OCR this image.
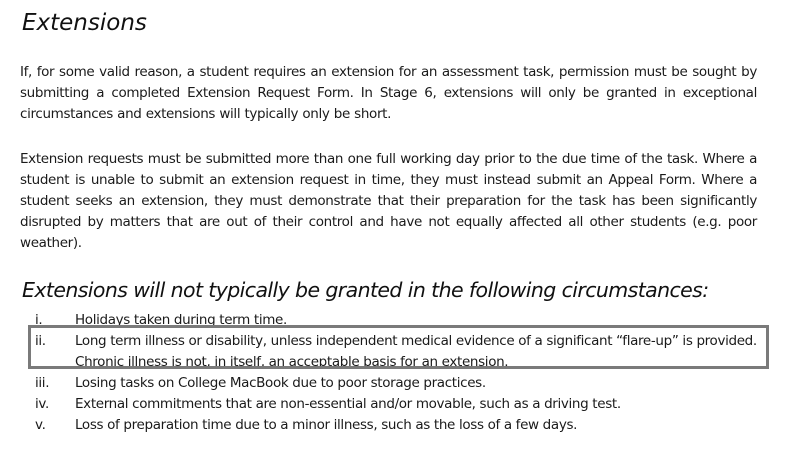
Extensions

If, for some valid reason, a student requires an extension for an assessment task, permission must be sought by submitting a completed Extension Request Form. In Stage 6, extensions will only be granted in exceptional circumstances and extensions will typically only be short.

Extension requests must be submitted more than one full working day prior to the due time of the task. Where a student is unable to submit an extension request in time, they must instead submit an Appeal Form. Where a student seeks an extension, they must demonstrate that their preparation for the task has been significantly disrupted by matters that are out of their control and have not equally affected all other students (e.g. poor weather).

Extensions will not typically be granted in the following circumstances:
i.	Holidays taken during term time.
ii.	Long term illness or disability, unless independent medical evidence of a significant “flare-up” is provided. Chronic illness is not, in itself, an acceptable basis for an extension.
iii.	Losing tasks on College MacBook due to poor storage practices.
iv.	External commitments that are non-essential and/or movable, such as a driving test.
v.	Loss of preparation time due to a minor illness, such as the loss of a few days.
